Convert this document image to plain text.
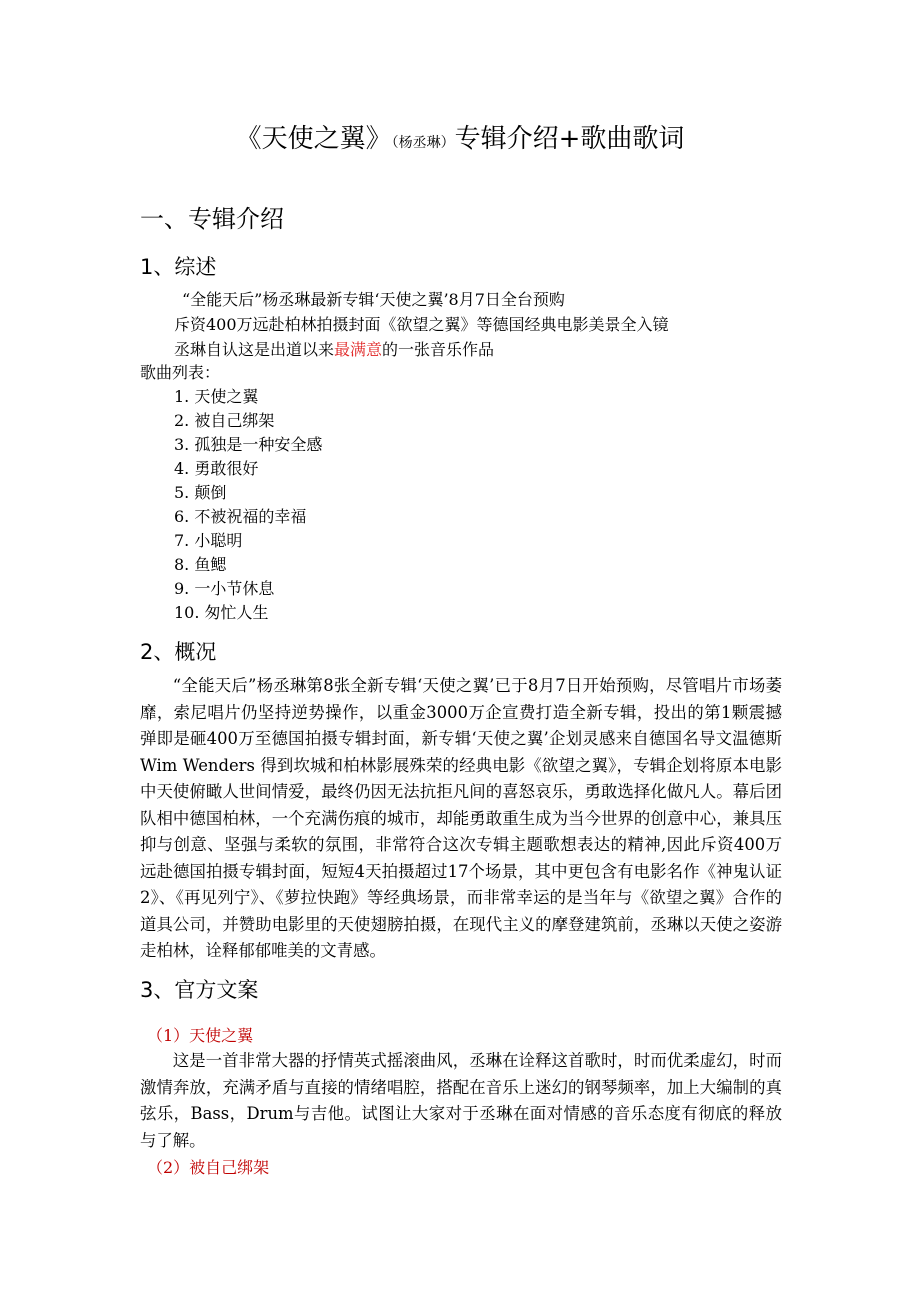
《天使之翼》（杨丞琳）专辑介绍+歌曲歌词
一、专辑介绍
1、综述
“全能天后”杨丞琳最新专辑‘天使之翼’8月7日全台预购
斥资400万远赴柏林拍摄封面《欲望之翼》等德国经典电影美景全入镜
丞琳自认这是出道以来最满意的一张音乐作品
歌曲列表：
1. 天使之翼
2. 被自己绑架
3. 孤独是一种安全感
4. 勇敢很好
5. 颠倒
6. 不被祝福的幸福
7. 小聪明
8. 鱼鳃
9. 一小节休息
10. 匆忙人生
2、概况
“全能天后”杨丞琳第8张全新专辑‘天使之翼’已于8月7日开始预购，尽管唱片市场萎靡，索尼唱片仍坚持逆势操作，以重金3000万企宣费打造全新专辑，投出的第1颗震撼弹即是砸400万至德国拍摄专辑封面，新专辑‘天使之翼’企划灵感来自德国名导文温德斯Wim Wenders 得到坎城和柏林影展殊荣的经典电影《欲望之翼》，专辑企划将原本电影中天使俯瞰人世间情爱，最终仍因无法抗拒凡间的喜怒哀乐，勇敢选择化做凡人。幕后团队相中德国柏林，一个充满伤痕的城市，却能勇敢重生成为当今世界的创意中心，兼具压抑与创意、坚强与柔软的氛围，非常符合这次专辑主题歌想表达的精神,因此斥资400万远赴德国拍摄专辑封面，短短4天拍摄超过17个场景，其中更包含有电影名作《神鬼认证2》、《再见列宁》、《萝拉快跑》等经典场景，而非常幸运的是当年与《欲望之翼》合作的道具公司，并赞助电影里的天使翅膀拍摄，在现代主义的摩登建筑前，丞琳以天使之姿游走柏林，诠释郁郁唯美的文青感。
3、官方文案
（1）天使之翼
这是一首非常大器的抒情英式摇滚曲风，丞琳在诠释这首歌时，时而优柔虚幻，时而激情奔放，充满矛盾与直接的情绪唱腔，搭配在音乐上迷幻的钢琴频率，加上大编制的真弦乐，Bass，Drum与吉他。试图让大家对于丞琳在面对情感的音乐态度有彻底的释放与了解。
（2）被自己绑架
